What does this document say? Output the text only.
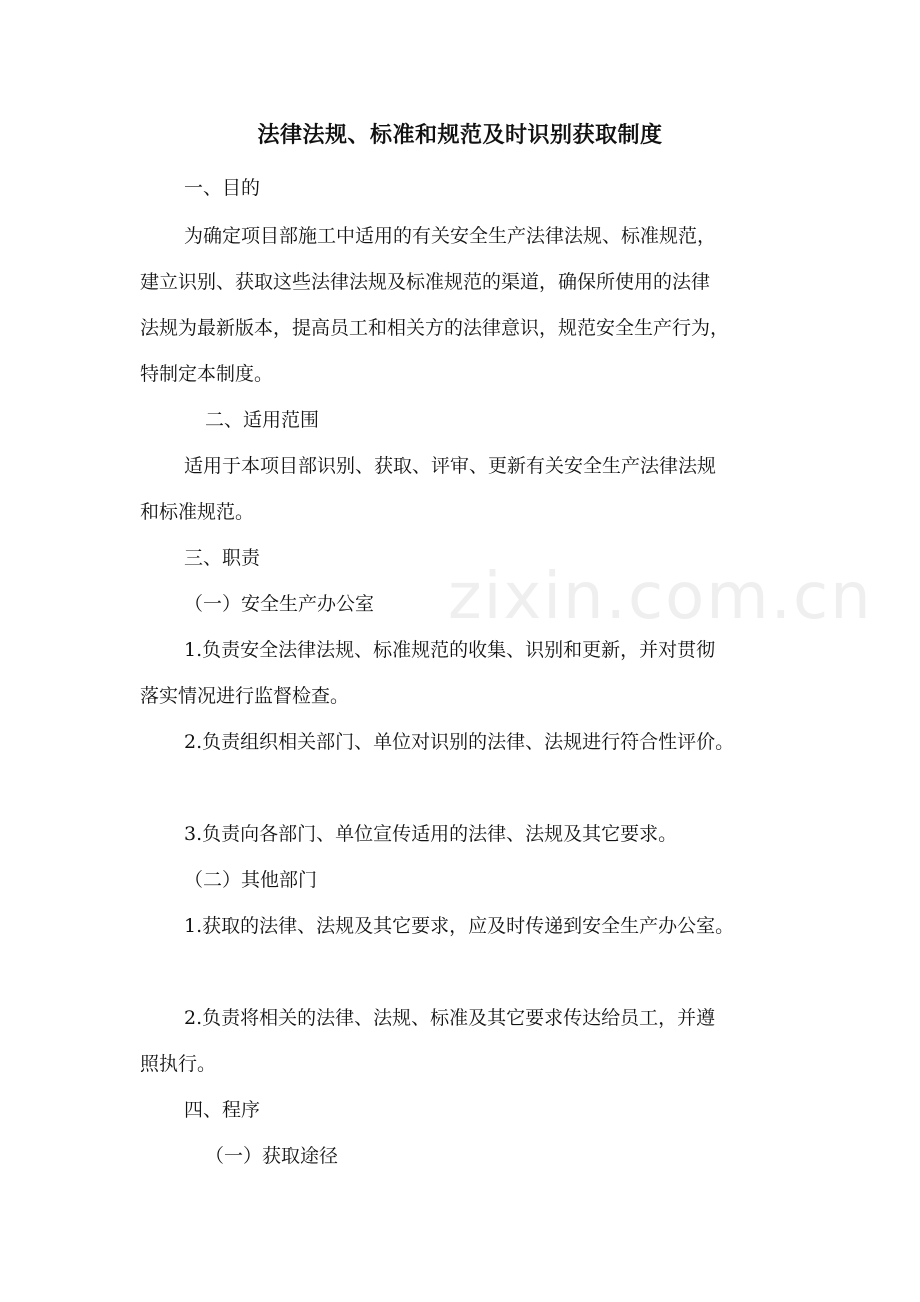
法律法规、标准和规范及时识别获取制度
zixin.com.cn

一、目的

为确定项目部施工中适用的有关安全生产法律法规、标准规范，

建立识别、获取这些法律法规及标准规范的渠道，确保所使用的法律

法规为最新版本，提高员工和相关方的法律意识，规范安全生产行为，

特制定本制度。

二、适用范围

适用于本项目部识别、获取、评审、更新有关安全生产法律法规

和标准规范。

三、职责

（一）安全生产办公室

1.负责安全法律法规、标准规范的收集、识别和更新，并对贯彻

落实情况进行监督检查。

2.负责组织相关部门、单位对识别的法律、法规进行符合性评价。

3.负责向各部门、单位宣传适用的法律、法规及其它要求。

（二）其他部门

1.获取的法律、法规及其它要求，应及时传递到安全生产办公室。

2.负责将相关的法律、法规、标准及其它要求传达给员工，并遵

照执行。

四、程序

（一）获取途径
